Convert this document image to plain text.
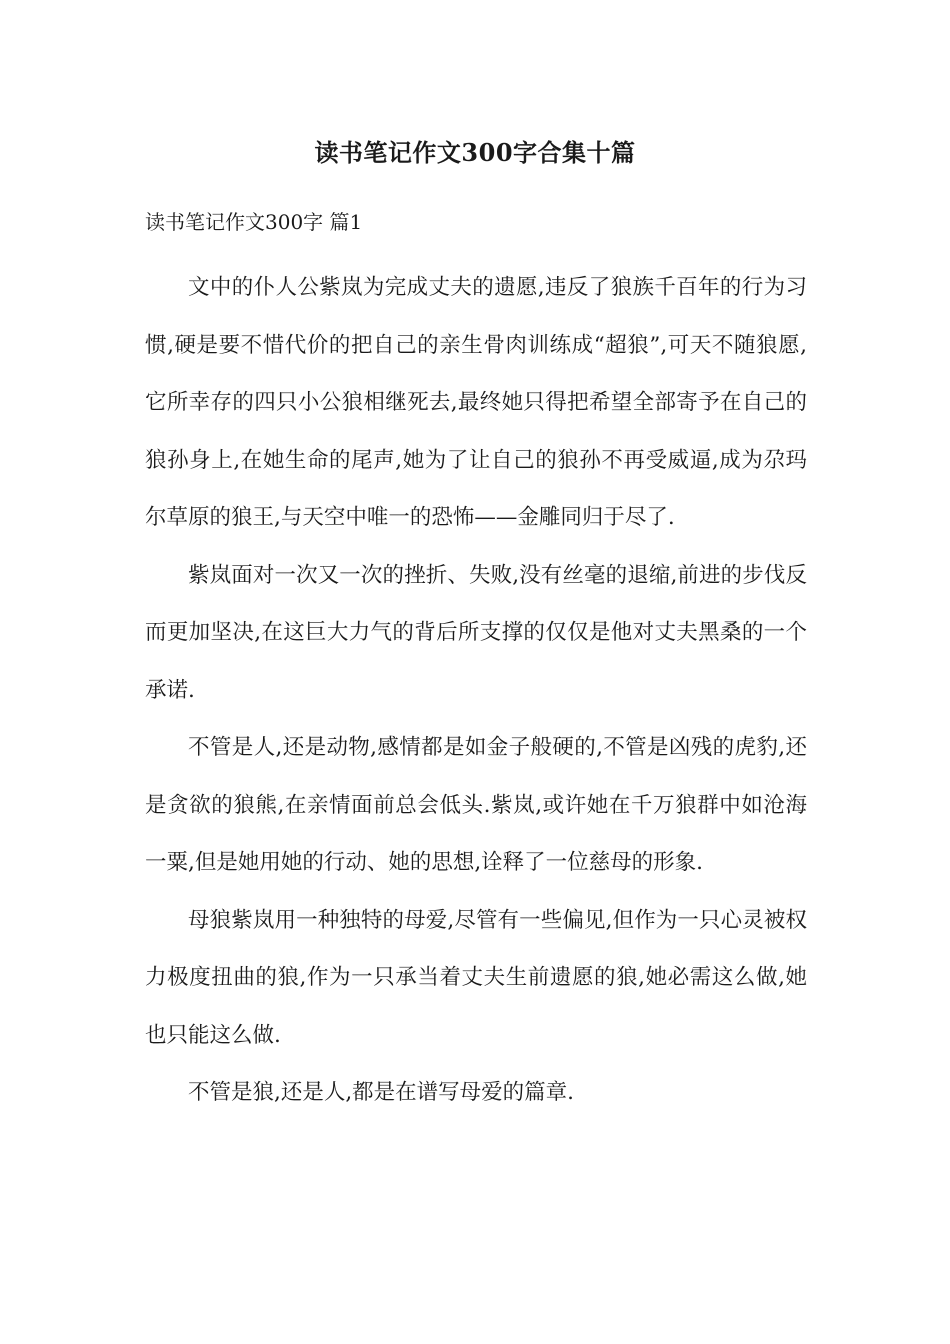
读书笔记作文300字合集十篇
读书笔记作文300字 篇1

文中的仆人公紫岚为完成丈夫的遗愿,违反了狼族千百年的行为习惯,硬是要不惜代价的把自己的亲生骨肉训练成“超狼”,可天不随狼愿,它所幸存的四只小公狼相继死去,最终她只得把希望全部寄予在自己的狼孙身上,在她生命的尾声,她为了让自己的狼孙不再受威逼,成为尕玛尔草原的狼王,与天空中唯一的恐怖——金雕同归于尽了.

紫岚面对一次又一次的挫折、失败,没有丝毫的退缩,前进的步伐反而更加坚决,在这巨大力气的背后所支撑的仅仅是他对丈夫黑桑的一个承诺.

不管是人,还是动物,感情都是如金子般硬的,不管是凶残的虎豹,还是贪欲的狼熊,在亲情面前总会低头.紫岚,或许她在千万狼群中如沧海一粟,但是她用她的行动、她的思想,诠释了一位慈母的形象.

母狼紫岚用一种独特的母爱,尽管有一些偏见,但作为一只心灵被权力极度扭曲的狼,作为一只承当着丈夫生前遗愿的狼,她必需这么做,她也只能这么做.

不管是狼,还是人,都是在谱写母爱的篇章.
